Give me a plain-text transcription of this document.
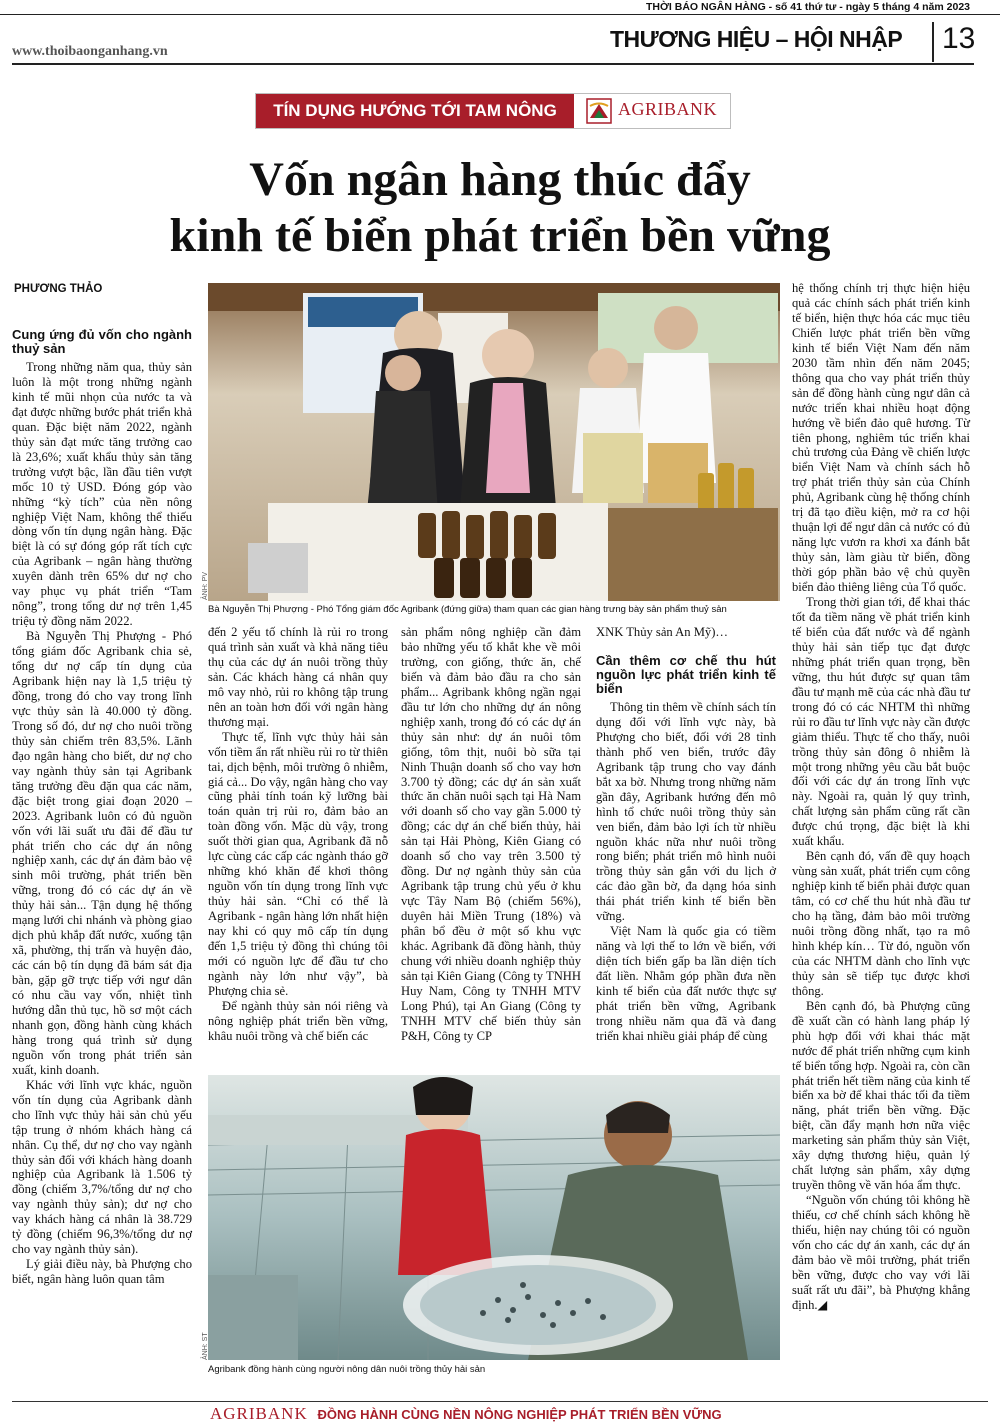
THỜI BÁO NGÂN HÀNG - số 41 thứ tư - ngày 5 tháng 4 năm 2023
www.thoibaonganhang.vn	THƯƠNG HIỆU – HỘI NHẬP 13
TÍN DỤNG HƯỚNG TỚI TAM NÔNG	AGRIBANK
Vốn ngân hàng thúc đẩy
kinh tế biển phát triển bền vững
PHƯƠNG THẢO
Cung ứng đủ vốn cho ngành thuỷ sản

Trong những năm qua, thủy sản luôn là một trong những ngành kinh tế mũi nhọn của nước ta và đạt được những bước phát triển khả quan. Đặc biệt năm 2022, ngành thủy sản đạt mức tăng trưởng cao là 23,6%; xuất khẩu thủy sản tăng trưởng vượt bậc, lần đầu tiên vượt mốc 10 tỷ USD. Đóng góp vào những “kỳ tích” của nền nông nghiệp Việt Nam, không thể thiếu dòng vốn tín dụng ngân hàng. Đặc biệt là có sự đóng góp rất tích cực của Agribank – ngân hàng thường xuyên dành trên 65% dư nợ cho vay phục vụ phát triển “Tam nông”, trong tổng dư nợ trên 1,45 triệu tỷ đồng năm 2022.

Bà Nguyễn Thị Phượng - Phó tổng giám đốc Agribank chia sẻ, tổng dư nợ cấp tín dụng của Agribank hiện nay là 1,5 triệu tỷ đồng, trong đó cho vay trong lĩnh vực thủy sản là 40.000 tỷ đồng. Trong số đó, dư nợ cho nuôi trồng thủy sản chiếm trên 83,5%. Lãnh đạo ngân hàng cho biết, dư nợ cho vay ngành thủy sản tại Agribank tăng trưởng đều đặn qua các năm, đặc biệt trong giai đoạn 2020 – 2023. Agribank luôn có đủ nguồn vốn với lãi suất ưu đãi để đầu tư phát triển cho các dự án nông nghiệp xanh, các dự án đảm bảo vệ sinh môi trường, phát triển bền vững, trong đó có các dự án về thủy hải sản... Tận dụng hệ thống mạng lưới chi nhánh và phòng giao dịch phủ khắp đất nước, xuống tận xã, phường, thị trấn và huyện đảo, các cán bộ tín dụng đã bám sát địa bàn, gặp gỡ trực tiếp với ngư dân có nhu cầu vay vốn, nhiệt tình hướng dẫn thủ tục, hồ sơ một cách nhanh gọn, đồng hành cùng khách hàng trong quá trình sử dụng nguồn vốn trong phát triển sản xuất, kinh doanh.

Khác với lĩnh vực khác, nguồn vốn tín dụng của Agribank dành cho lĩnh vực thủy hải sản chủ yếu tập trung ở nhóm khách hàng cá nhân. Cụ thể, dư nợ cho vay ngành thủy sản đối với khách hàng doanh nghiệp của Agribank là 1.506 tỷ đồng (chiếm 3,7%/tổng dư nợ cho vay ngành thủy sản); dư nợ cho vay khách hàng cá nhân là 38.729 tỷ đồng (chiếm 96,3%/tổng dư nợ cho vay ngành thủy sản).

Lý giải điều này, bà Phượng cho biết, ngân hàng luôn quan tâm

ẢNH: PV
Bà Nguyễn Thị Phượng - Phó Tổng giám đốc Agribank (đứng giữa) tham quan các gian hàng trưng bày sản phẩm thuỷ sản

đến 2 yếu tố chính là rủi ro trong quá trình sản xuất và khả năng tiêu thụ của các dự án nuôi trồng thủy sản. Các khách hàng cá nhân quy mô vay nhỏ, rủi ro không tập trung nên an toàn hơn đối với ngân hàng thương mại.

Thực tế, lĩnh vực thủy hải sản vốn tiềm ẩn rất nhiều rủi ro từ thiên tai, dịch bệnh, môi trường ô nhiễm, giá cả... Do vậy, ngân hàng cho vay cũng phải tính toán kỹ lưỡng bài toán quản trị rủi ro, đảm bảo an toàn đồng vốn. Mặc dù vậy, trong suốt thời gian qua, Agribank đã nỗ lực cùng các cấp các ngành tháo gỡ những khó khăn để khơi thông nguồn vốn tín dụng trong lĩnh vực thủy hải sản. “Chỉ có thể là Agribank - ngân hàng lớn nhất hiện nay khi có quy mô cấp tín dụng đến 1,5 triệu tỷ đồng thì chúng tôi mới có nguồn lực để đầu tư cho ngành này lớn như vậy”, bà Phượng chia sẻ.

Để ngành thủy sản nói riêng và nông nghiệp phát triển bền vững, khâu nuôi trồng và chế biến các

sản phẩm nông nghiệp cần đảm bảo những yếu tố khắt khe về môi trường, con giống, thức ăn, chế biến và đảm bảo đầu ra cho sản phẩm... Agribank không ngần ngại đầu tư lớn cho những dự án nông nghiệp xanh, trong đó có các dự án thủy sản như: dự án nuôi tôm giống, tôm thịt, nuôi bò sữa tại Ninh Thuận doanh số cho vay hơn 3.700 tỷ đồng; các dự án sản xuất thức ăn chăn nuôi sạch tại Hà Nam với doanh số cho vay gần 5.000 tỷ đồng; các dự án chế biến thủy, hải sản tại Hải Phòng, Kiên Giang có doanh số cho vay trên 3.500 tỷ đồng. Dư nợ ngành thủy sản của Agribank tập trung chủ yếu ở khu vực Tây Nam Bộ (chiếm 56%), duyên hải Miền Trung (18%) và phân bổ đều ở một số khu vực khác. Agribank đã đồng hành, thủy chung với nhiều doanh nghiệp thủy sản tại Kiên Giang (Công ty TNHH Huy Nam, Công ty TNHH MTV Long Phú), tại An Giang (Công ty TNHH MTV chế biến thủy sản P&H, Công ty CP

XNK Thủy sản An Mỹ)…

Cần thêm cơ chế thu hút nguồn lực phát triển kinh tế biển

Thông tin thêm về chính sách tín dụng đối với lĩnh vực này, bà Phượng cho biết, đối với 28 tỉnh thành phố ven biển, trước đây Agribank tập trung cho vay đánh bắt xa bờ. Nhưng trong những năm gần đây, Agribank hướng đến mô hình tổ chức nuôi trồng thủy sản ven biển, đảm bảo lợi ích từ nhiều nguồn khác nữa như nuôi trồng rong biển; phát triển mô hình nuôi trồng thủy sản gắn với du lịch ở các đảo gần bờ, đa dạng hóa sinh thái phát triển kinh tế biển bền vững.

Việt Nam là quốc gia có tiềm năng và lợi thế to lớn về biển, với diện tích biển gấp ba lần diện tích đất liền. Nhằm góp phần đưa nền kinh tế biển của đất nước thực sự phát triển bền vững, Agribank trong nhiều năm qua đã và đang triển khai nhiều giải pháp để cùng

ẢNH: ST
Agribank đồng hành cùng người nông dân nuôi trồng thủy hải sản

hệ thống chính trị thực hiện hiệu quả các chính sách phát triển kinh tế biển, hiện thực hóa các mục tiêu Chiến lược phát triển bền vững kinh tế biển Việt Nam đến năm 2030 tầm nhìn đến năm 2045; thông qua cho vay phát triển thủy sản để đồng hành cùng ngư dân cả nước triển khai nhiều hoạt động hướng về biển đảo quê hương. Từ tiên phong, nghiêm túc triển khai chủ trương của Đảng về chiến lược biển Việt Nam và chính sách hỗ trợ phát triển thủy sản của Chính phủ, Agribank cùng hệ thống chính trị đã tạo điều kiện, mở ra cơ hội thuận lợi để ngư dân cả nước có đủ năng lực vươn ra khơi xa đánh bắt thủy sản, làm giàu từ biển, đồng thời góp phần bảo vệ chủ quyền biển đảo thiêng liêng của Tổ quốc.

Trong thời gian tới, để khai thác tốt đa tiềm năng về phát triển kinh tế biển của đất nước và để ngành thủy hải sản tiếp tục đạt được những phát triển quan trọng, bền vững, thu hút được sự quan tâm đầu tư mạnh mẽ của các nhà đầu tư trong đó có các NHTM thì những rủi ro đầu tư lĩnh vực này cần được giảm thiểu. Thực tế cho thấy, nuôi trồng thủy sản đông ô nhiễm là một trong những yêu cầu bắt buộc đối với các dự án trong lĩnh vực này. Ngoài ra, quản lý quy trình, chất lượng sản phẩm cũng rất cần được chú trọng, đặc biệt là khi xuất khẩu.

Bên cạnh đó, vấn đề quy hoạch vùng sản xuất, phát triển cụm công nghiệp kinh tế biển phải được quan tâm, có cơ chế thu hút nhà đầu tư cho hạ tầng, đảm bảo môi trường nuôi trồng đồng nhất, tạo ra mô hình khép kín… Từ đó, nguồn vốn của các NHTM dành cho lĩnh vực thủy sản sẽ tiếp tục được khơi thông.

Bên cạnh đó, bà Phượng cũng đề xuất cần có hành lang pháp lý phù hợp đối với khai thác mặt nước để phát triển những cụm kinh tế biển tổng hợp. Ngoài ra, còn cần phát triển hết tiềm năng của kinh tế biển xa bờ để khai thác tối đa tiềm năng, phát triển bền vững. Đặc biệt, cần đẩy mạnh hơn nữa việc marketing sản phẩm thủy sản Việt, xây dựng thương hiệu, quản lý chất lượng sản phẩm, xây dựng truyền thông về văn hóa ẩm thực.

“Nguồn vốn chúng tôi không hề thiếu, cơ chế chính sách không hề thiếu, hiện nay chúng tôi có nguồn vốn cho các dự án xanh, các dự án đảm bảo về môi trường, phát triển bền vững, được cho vay với lãi suất rất ưu đãi”, bà Phượng khẳng định.◢

AGRIBANK ĐỒNG HÀNH CÙNG NỀN NÔNG NGHIỆP PHÁT TRIỂN BỀN VỮNG
